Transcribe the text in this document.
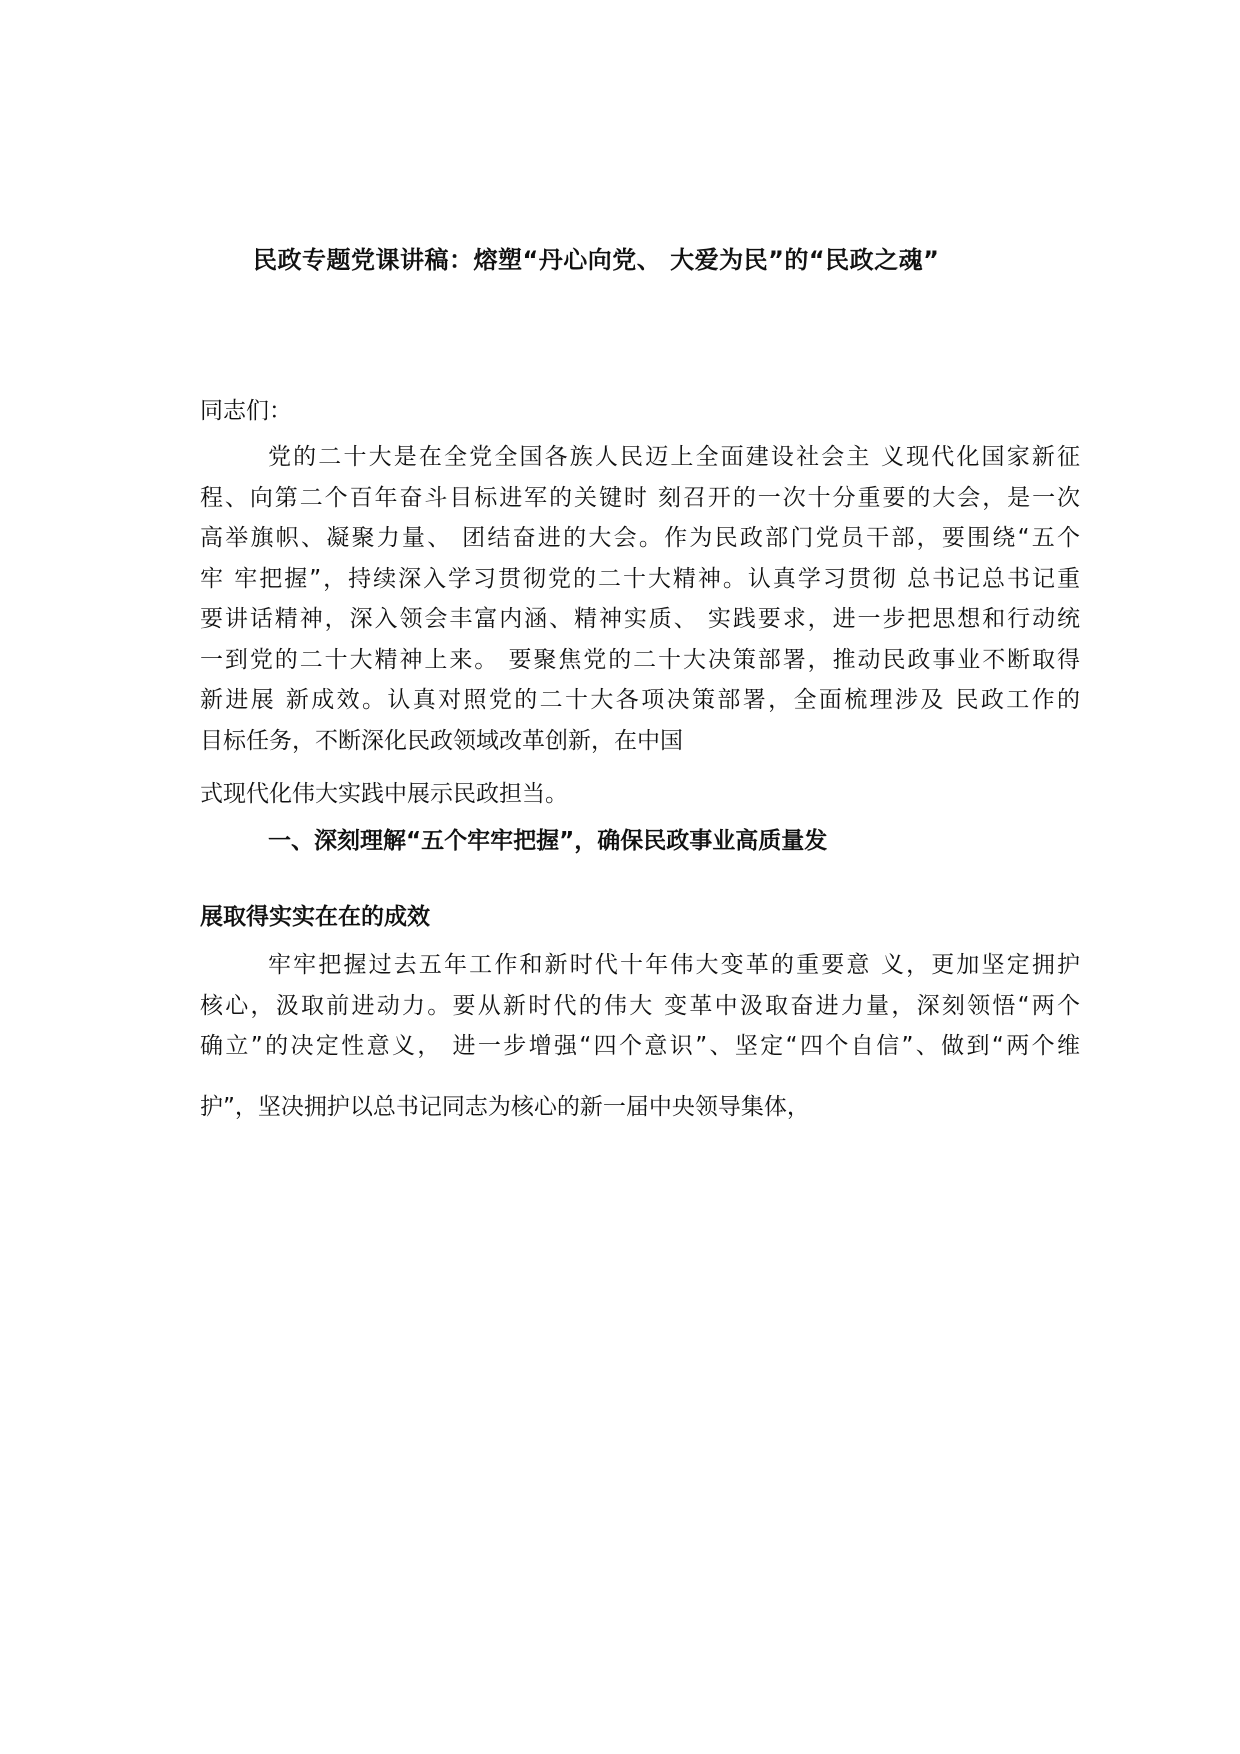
民政专题党课讲稿：熔塑“丹心向党、 大爱为民”的“民政之魂”
同志们：
党的二十大是在全党全国各族人民迈上全面建设社会主 义现代化国家新征
程、向第二个百年奋斗目标进军的关键时 刻召开的一次十分重要的大会，是一次
高举旗帜、凝聚力量、 团结奋进的大会。作为民政部门党员干部，要围绕“五个
牢 牢把握”，持续深入学习贯彻党的二十大精神。认真学习贯彻 总书记总书记重
要讲话精神，深入领会丰富内涵、精神实质、 实践要求，进一步把思想和行动统
一到党的二十大精神上来。 要聚焦党的二十大决策部署，推动民政事业不断取得
新进展 新成效。认真对照党的二十大各项决策部署，全面梳理涉及 民政工作的
目标任务，不断深化民政领域改革创新，在中国
式现代化伟大实践中展示民政担当。
一、深刻理解“五个牢牢把握”，确保民政事业高质量发
展取得实实在在的成效
牢牢把握过去五年工作和新时代十年伟大变革的重要意 义，更加坚定拥护
核心，汲取前进动力。要从新时代的伟大 变革中汲取奋进力量，深刻领悟“两个
确立”的决定性意义， 进一步增强“四个意识”、坚定“四个自信”、做到“两个维
护”，坚决拥护以总书记同志为核心的新一届中央领导集体，
